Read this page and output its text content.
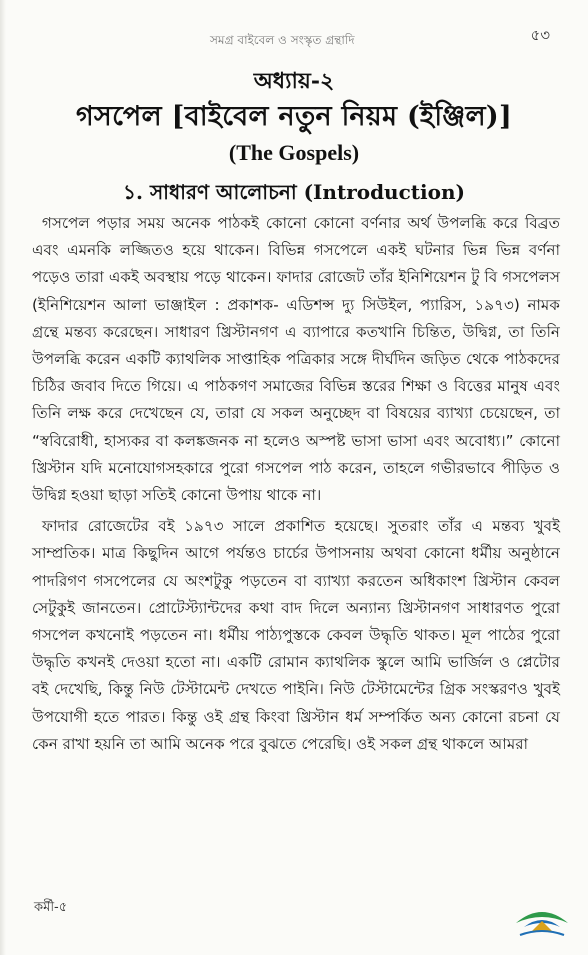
সমগ্র বাইবেল ও সংস্কৃত গ্রন্থাদি	৫৩
অধ্যায়-২
গসপেল [বাইবেল নতুন নিয়ম (ইঞ্জিল)]
(The Gospels)
১. সাধারণ আলোচনা (Introduction)

গসপেল পড়ার সময় অনেক পাঠকই কোনো কোনো বর্ণনার অর্থ উপলব্ধি করে বিব্রত এবং এমনকি লজ্জিতও হয়ে থাকেন। বিভিন্ন গসপেলে একই ঘটনার ভিন্ন ভিন্ন বর্ণনা পড়েও তারা একই অবস্থায় পড়ে থাকেন। ফাদার রোজেট তাঁর ইনিশিয়েশন টু বি গসপেলস (ইনিশিয়েশন আলা ভাঞ্জাইল : প্রকাশক- এডিশন্স দ্যু সিউইল, প্যারিস, ১৯৭৩) নামক গ্রন্থে মন্তব্য করেছেন। সাধারণ খ্রিস্টানগণ এ ব্যাপারে কতখানি চিন্তিত, উদ্বিগ্ন, তা তিনি উপলব্ধি করেন একটি ক্যাথলিক সাপ্তাহিক পত্রিকার সঙ্গে দীর্ঘদিন জড়িত থেকে পাঠকদের চিঠির জবাব দিতে গিয়ে। এ পাঠকগণ সমাজের বিভিন্ন স্তরের শিক্ষা ও বিত্তের মানুষ এবং তিনি লক্ষ করে দেখেছেন যে, তারা যে সকল অনুচ্ছেদ বা বিষয়ের ব্যাখ্যা চেয়েছেন, তা “স্ববিরোধী, হাস্যকর বা কলঙ্কজনক না হলেও অস্পষ্ট ভাসা ভাসা এবং অবোধ্য।” কোনো খ্রিস্টান যদি মনোযোগসহকারে পুরো গসপেল পাঠ করেন, তাহলে গভীরভাবে পীড়িত ও উদ্বিগ্ন হওয়া ছাড়া সতিই কোনো উপায় থাকে না।

ফাদার রোজেটের বই ১৯৭৩ সালে প্রকাশিত হয়েছে। সুতরাং তাঁর এ মন্তব্য খুবই সাম্প্রতিক। মাত্র কিছুদিন আগে পর্যন্তও চার্চের উপাসনায় অথবা কোনো ধর্মীয় অনুষ্ঠানে পাদরিগণ গসপেলের যে অংশটুকু পড়তেন বা ব্যাখ্যা করতেন অধিকাংশ খ্রিস্টান কেবল সেটুকুই জানতেন। প্রোটেস্ট্যান্টদের কথা বাদ দিলে অন্যান্য খ্রিস্টানগণ সাধারণত পুরো গসপেল কখনোই পড়তেন না। ধর্মীয় পাঠ্যপুস্তকে কেবল উদ্ধৃতি থাকত। মূল পাঠের পুরো উদ্ধৃতি কখনই দেওয়া হতো না। একটি রোমান ক্যাথলিক স্কুলে আমি ভার্জিল ও প্লেটোর বই দেখেছি, কিন্তু নিউ টেস্টামেন্ট দেখতে পাইনি। নিউ টেস্টামেন্টের গ্রিক সংস্করণও খুবই উপযোগী হতে পারত। কিন্তু ওই গ্রন্থ কিংবা খ্রিস্টান ধর্ম সম্পর্কিত অন্য কোনো রচনা যে কেন রাখা হয়নি তা আমি অনেক পরে বুঝতে পেরেছি। ওই সকল গ্রন্থ থাকলে আমরা

কর্মী-৫
